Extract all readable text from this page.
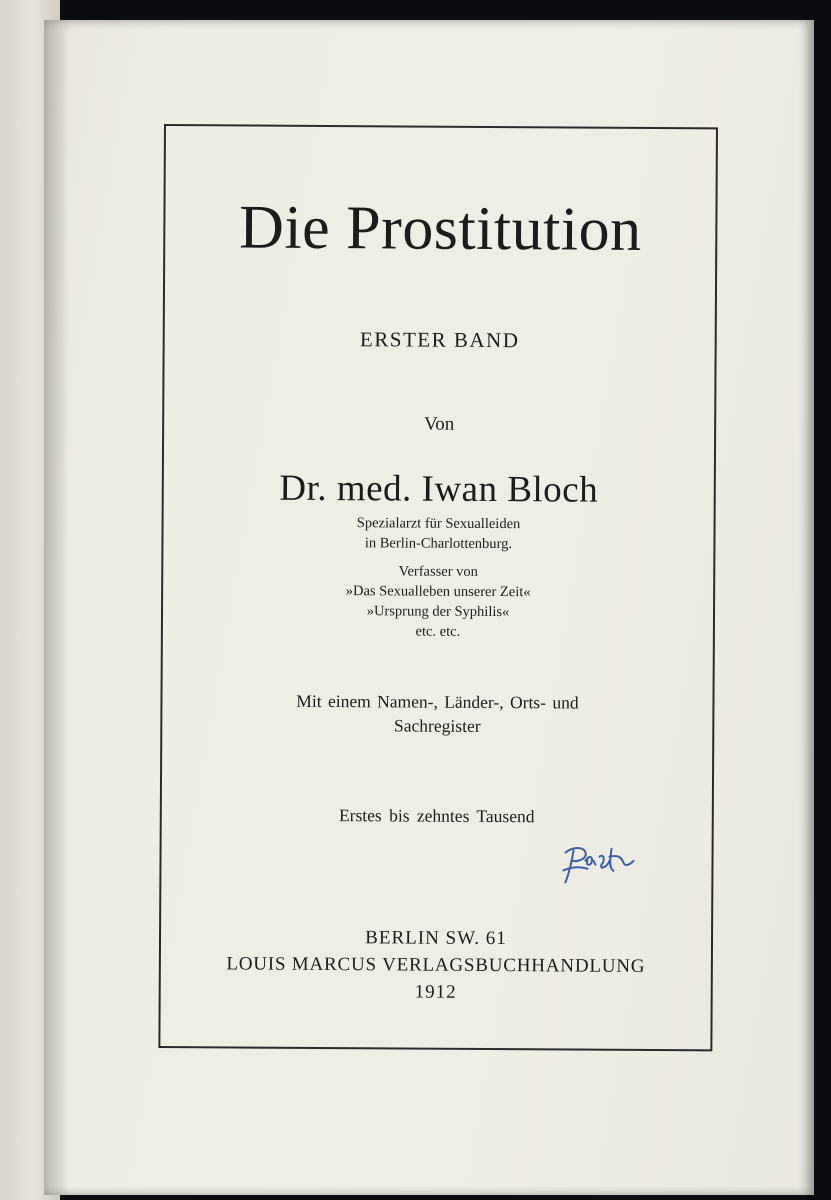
Die Prostitution
ERSTER BAND
Von
Dr. med. Iwan Bloch
Spezialarzt für Sexualleiden
in Berlin-Charlottenburg.
Verfasser von
»Das Sexualleben unserer Zeit«
»Ursprung der Syphilis«
etc. etc.
Mit einem Namen-, Länder-, Orts- und
Sachregister
Erstes bis zehntes Tausend
BERLIN SW. 61
LOUIS MARCUS VERLAGSBUCHHANDLUNG
1912
